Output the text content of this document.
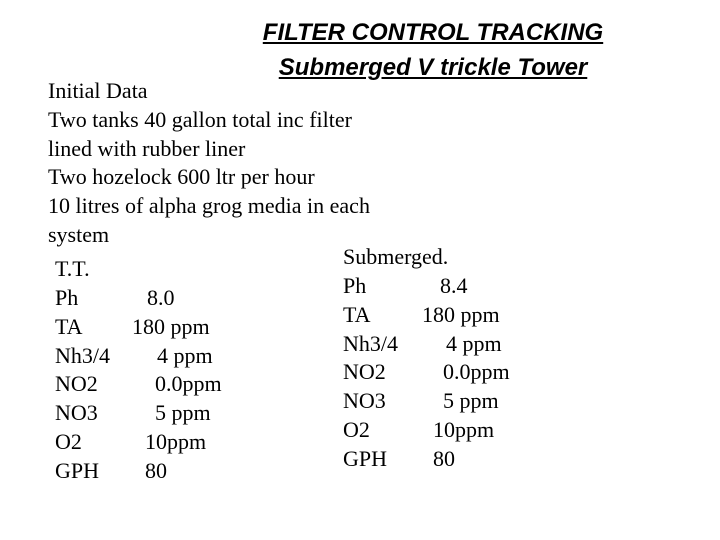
FILTER CONTROL TRACKING
Submerged V trickle Tower
Initial Data
Two tanks 40 gallon total inc filter
lined with rubber liner
Two hozelock 600 ltr per hour
10 litres of alpha grog media in each
system
T.T.
Ph	8.0
TA 180 ppm
Nh3/4 4 ppm
NO2	0.0ppm
NO3	5 ppm
O2	10ppm
GPH 80
Submerged.
Ph	8.4
TA 180 ppm
Nh3/4 4 ppm
NO2	0.0ppm
NO3	5 ppm
O2	10ppm
GPH 80
